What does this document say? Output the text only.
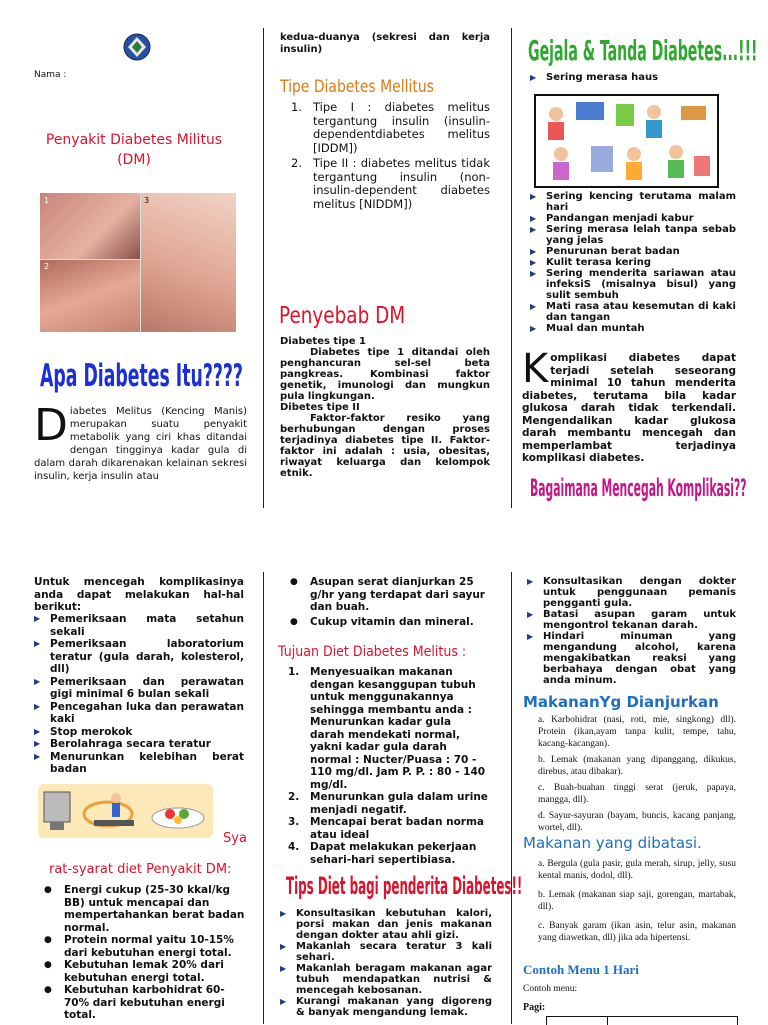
Nama :
Penyakit Diabetes Militus
(DM)
1
2
3
Apa Diabetes Itu????
D iabetes Melitus (Kencing Manis) merupakan suatu penyakit metabolik yang ciri khas ditandai dengan tingginya kadar gula di dalam darah dikarenakan kelainan sekresi insulin, kerja insulin atau
kedua-duanya (sekresi dan kerja insulin)
Tipe Diabetes Mellitus
1. Tipe I : diabetes melitus tergantung insulin (insulin-dependentdiabetes melitus [IDDM])
2. Tipe II : diabetes melitus tidak tergantung insulin (non-insulin-dependent diabetes melitus [NIDDM])
Penyebab DM
Diabetes tipe 1
Diabetes tipe 1 ditandai oleh penghancuran sel-sel beta pangkreas. Kombinasi faktor genetik, imunologi dan mungkun pula lingkungan.
Dibetes tipe II
Faktor-faktor resiko yang berhubungan dengan proses terjadinya diabetes tipe II. Faktor-faktor ini adalah : usia, obesitas, riwayat keluarga dan kelompok etnik.
Gejala & Tanda Diabetes...!!!
▶ Sering merasa haus
▶ Sering kencing terutama malam hari
▶ Pandangan menjadi kabur
▶ Sering merasa lelah tanpa sebab yang jelas
▶ Penurunan berat badan
▶ Kulit terasa kering
▶ Sering menderita sariawan atau infeksiS (misalnya bisul) yang sulit sembuh
▶ Mati rasa atau kesemutan di kaki dan tangan
▶ Mual dan muntah
K omplikasi diabetes dapat terjadi setelah seseorang minimal 10 tahun menderita diabetes, terutama bila kadar glukosa darah tidak terkendali. Mengendalikan kadar glukosa darah membantu mencegah dan memperlambat terjadinya komplikasi diabetes.
Bagaimana Mencegah Komplikasi??
Untuk mencegah komplikasinya anda dapat melakukan hal-hal berikut:
▶ Pemeriksaan mata setahun sekali
▶ Pemeriksaan laboratorium teratur (gula darah, kolesterol, dll)
▶ Pemeriksaan dan perawatan gigi minimal 6 bulan sekali
▶ Pencegahan luka dan perawatan kaki
▶ Stop merokok
▶ Berolahraga secara teratur
▶ Menurunkan kelebihan berat badan
Sya
rat-syarat diet Penyakit DM:
● Energi cukup (25-30 kkal/kg BB) untuk mencapai dan mempertahankan berat badan normal.
● Protein normal yaitu 10-15% dari kebutuhan energi total.
● Kebutuhan lemak 20% dari kebutuhan energi total.
● Kebutuhan karbohidrat 60-70% dari kebutuhan energi total.
● Asupan serat dianjurkan 25 g/hr yang terdapat dari sayur dan buah.
● Cukup vitamin dan mineral.
Tujuan Diet Diabetes Melitus :
1. Menyesuaikan makanan dengan kesanggupan tubuh untuk menggunakannya sehingga membantu anda : Menurunkan kadar gula darah mendekati normal, yakni kadar gula darah normal : Nucter/Puasa : 70 - 110 mg/dl. Jam P. P. : 80 - 140 mg/dl.
2. Menurunkan gula dalam urine menjadi negatif.
3. Mencapai berat badan norma atau ideal
4. Dapat melakukan pekerjaan sehari-hari sepertibiasa.
Tips Diet bagi penderita Diabetes!!
▶ Konsultasikan kebutuhan kalori, porsi makan dan jenis makanan dengan dokter atau ahli gizi.
▶ Makanlah secara teratur 3 kali sehari.
▶ Makanlah beragam makanan agar tubuh mendapatkan nutrisi & mencegah kebosanan.
▶ Kurangi makanan yang digoreng & banyak mengandung lemak.
▶ Konsultasikan dengan dokter untuk penggunaan pemanis pengganti gula.
▶ Batasi asupan garam untuk mengontrol tekanan darah.
▶ Hindari minuman yang mengandung alcohol, karena mengakibatkan reaksi yang berbahaya dengan obat yang anda minum.
MakananYg Dianjurkan
a. Karbohidrat (nasi, roti, mie, singkong) dll). Protein (ikan,ayam tanpa kulit, tempe, tahu, kacang-kacangan).
b. Lemak (makanan yang dipanggang, dikukus, direbus, atau dibakar).
c. Buah-buahan tinggi serat (jeruk, papaya, mangga, dll).
d. Sayur-sayuran (bayam, buncis, kacang panjang, wortel, dll).
Makanan yang dibatasi.
a. Bergula (gula pasir, gula merah, sirup, jelly, susu kental manis, dodol, dll).
b. Lemak (makanan siap saji, gorengan, martabak, dll).
c. Banyak garam (ikan asin, telur asin, makanan yang diawetkan, dll) jika ada hipertensi.
Contoh Menu 1 Hari
Contoh menu:
Pagi:
